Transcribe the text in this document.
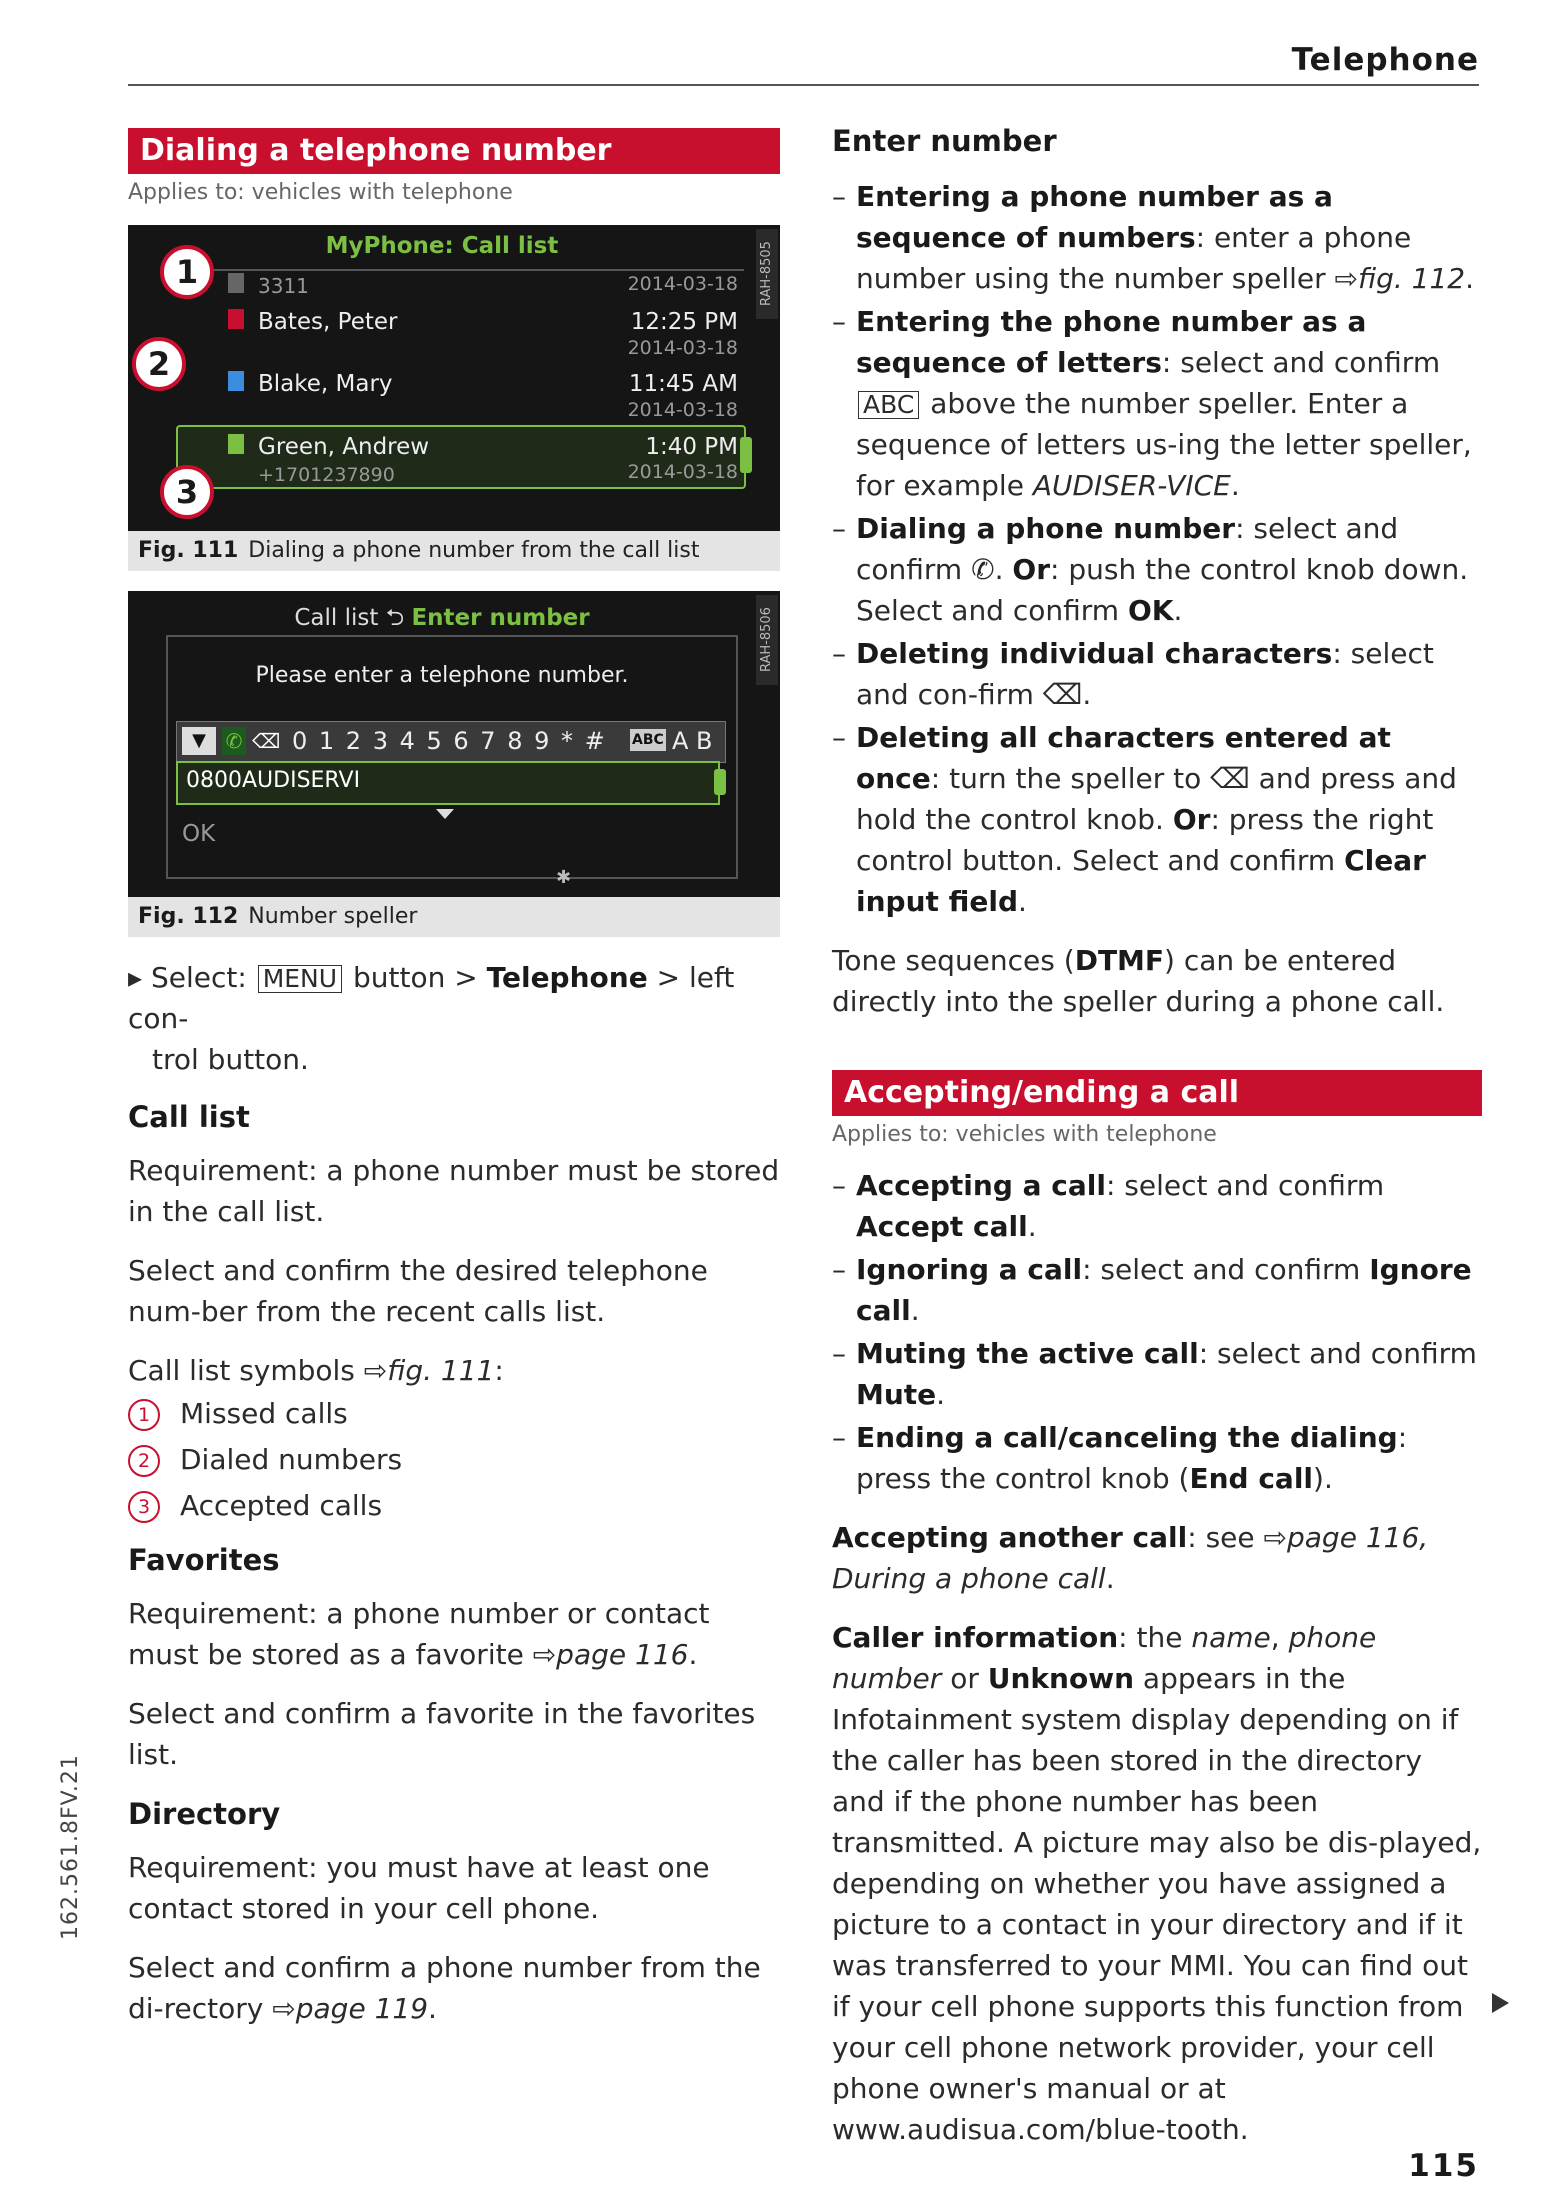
Telephone
Dialing a telephone number
Applies to: vehicles with telephone
RAH-8505
MyPhone: Call list
3311	2014-03-18
Bates, Peter	12:25 PM
2014-03-18
Blake, Mary	11:45 AM
2014-03-18
Green, Andrew	1:40 PM
+1701237890	2014-03-18
1
2
3
Fig. 111 Dialing a phone number from the call list
RAH-8506
Call list ⮌ Enter number
Please enter a telephone number.
▼ ✆ ⌫ 0 1 2 3 4 5 6 7 8 9 * # ABC A B
0800AUDISERVI
OK
✱
Fig. 112 Number speller
▸ Select: MENU button > Telephone > left con-
trol button.
Call list

Requirement: a phone number must be stored in the call list.

Select and confirm the desired telephone num-ber from the recent calls list.

Call list symbols ⇨fig. 111:

1 Missed calls
2 Dialed numbers
3 Accepted calls
Favorites

Requirement: a phone number or contact must be stored as a favorite ⇨page 116.

Select and confirm a favorite in the favorites list.

Directory

Requirement: you must have at least one contact stored in your cell phone.

Select and confirm a phone number from the di-rectory ⇨page 119.

Enter number
– Entering a phone number as a sequence of numbers: enter a phone number using the number speller ⇨fig. 112.
– Entering the phone number as a sequence of letters: select and confirm ABC above the number speller. Enter a sequence of letters us-ing the letter speller, for example AUDISER-VICE.
– Dialing a phone number: select and confirm ✆. Or: push the control knob down. Select and confirm OK.
– Deleting individual characters: select and con-firm ⌫.
– Deleting all characters entered at once: turn the speller to ⌫ and press and hold the control knob. Or: press the right control button. Select and confirm Clear input field.

Tone sequences (DTMF) can be entered directly into the speller during a phone call.

Accepting/ending a call
Applies to: vehicles with telephone
– Accepting a call: select and confirm Accept call.
– Ignoring a call: select and confirm Ignore call.
– Muting the active call: select and confirm Mute.
– Ending a call/canceling the dialing: press the control knob (End call).

Accepting another call: see ⇨page 116, During a phone call.

Caller information: the name, phone number or Unknown appears in the Infotainment system display depending on if the caller has been stored in the directory and if the phone number has been transmitted. A picture may also be dis-played, depending on whether you have assigned a picture to a contact in your directory and if it was transferred to your MMI. You can find out if your cell phone supports this function from your cell phone network provider, your cell phone owner's manual or at www.audisua.com/blue-tooth.

162.561.8FV.21
115
